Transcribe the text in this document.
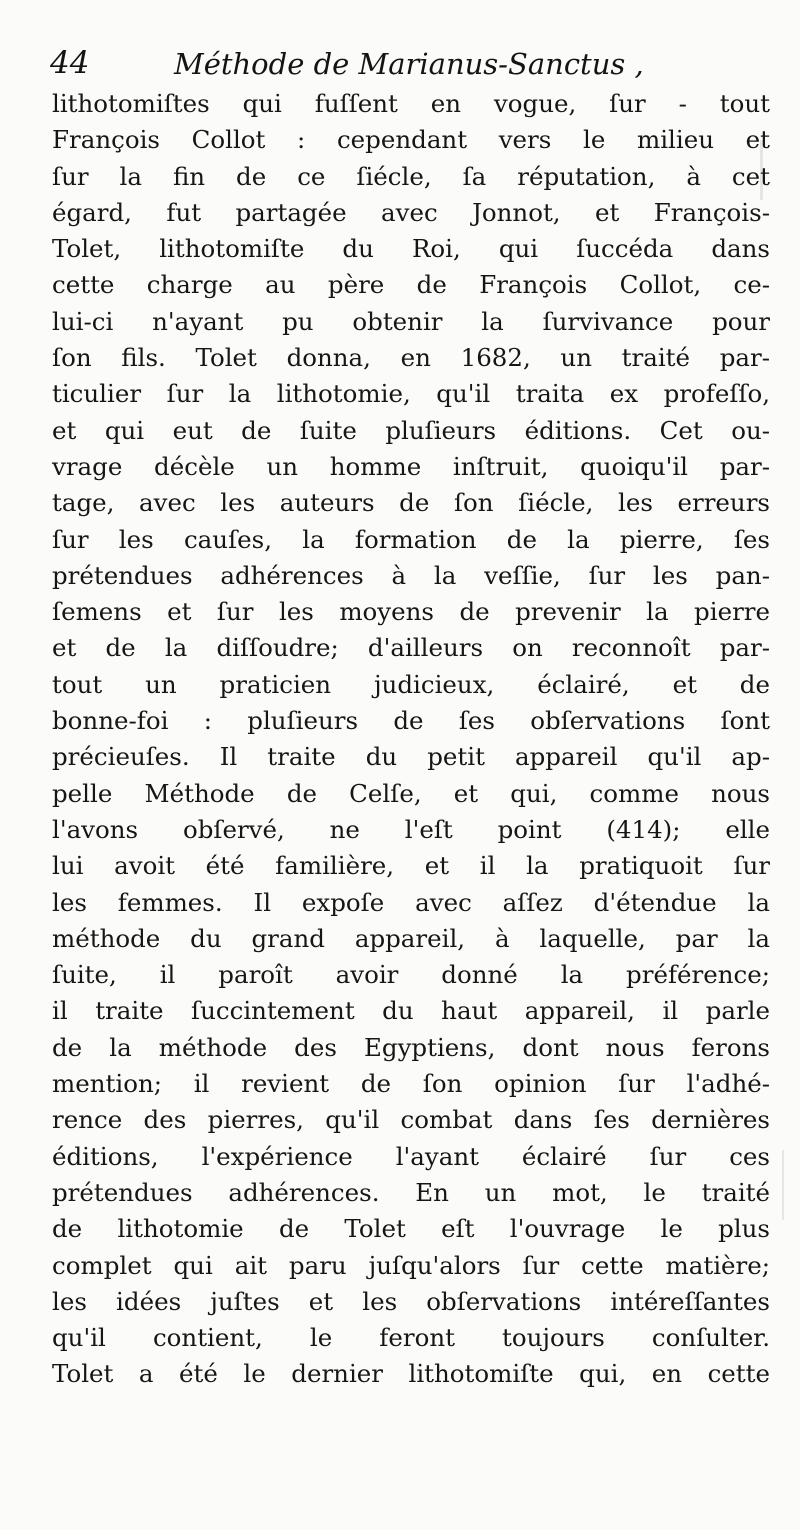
44	Méthode de Marianus-Sanctus ,
lithotomiſtes qui fuſſent en vogue, ſur - tout
François Collot : cependant vers le milieu et
ſur la fin de ce ſiécle, ſa réputation, à cet
égard, fut partagée avec Jonnot, et François-
Tolet, lithotomiſte du Roi, qui ſuccéda dans
cette charge au père de François Collot, ce-
lui-ci n'ayant pu obtenir la ſurvivance pour
ſon fils. Tolet donna, en 1682, un traité par-
ticulier ſur la lithotomie, qu'il traita ex profeſſo,
et qui eut de ſuite pluſieurs éditions. Cet ou-
vrage décèle un homme inſtruit, quoiqu'il par-
tage, avec les auteurs de ſon ſiécle, les erreurs
ſur les cauſes, la formation de la pierre, ſes
prétendues adhérences à la veſſie, ſur les pan-
ſemens et ſur les moyens de prevenir la pierre
et de la diſſoudre; d'ailleurs on reconnoît par-
tout un praticien judicieux, éclairé, et de
bonne-foi : pluſieurs de ſes obſervations ſont
précieuſes. Il traite du petit appareil qu'il ap-
pelle Méthode de Celſe, et qui, comme nous
l'avons obſervé, ne l'eſt point (414); elle
lui avoit été familière, et il la pratiquoit ſur
les femmes. Il expoſe avec aſſez d'étendue la
méthode du grand appareil, à laquelle, par la
ſuite, il paroît avoir donné la préférence;
il traite ſuccintement du haut appareil, il parle
de la méthode des Egyptiens, dont nous ferons
mention; il revient de ſon opinion ſur l'adhé-
rence des pierres, qu'il combat dans ſes dernières
éditions, l'expérience l'ayant éclairé ſur ces
prétendues adhérences. En un mot, le traité
de lithotomie de Tolet eſt l'ouvrage le plus
complet qui ait paru juſqu'alors ſur cette matière;
les idées juſtes et les obſervations intéreſſantes
qu'il contient, le feront toujours conſulter.
Tolet a été le dernier lithotomiſte qui, en cette
